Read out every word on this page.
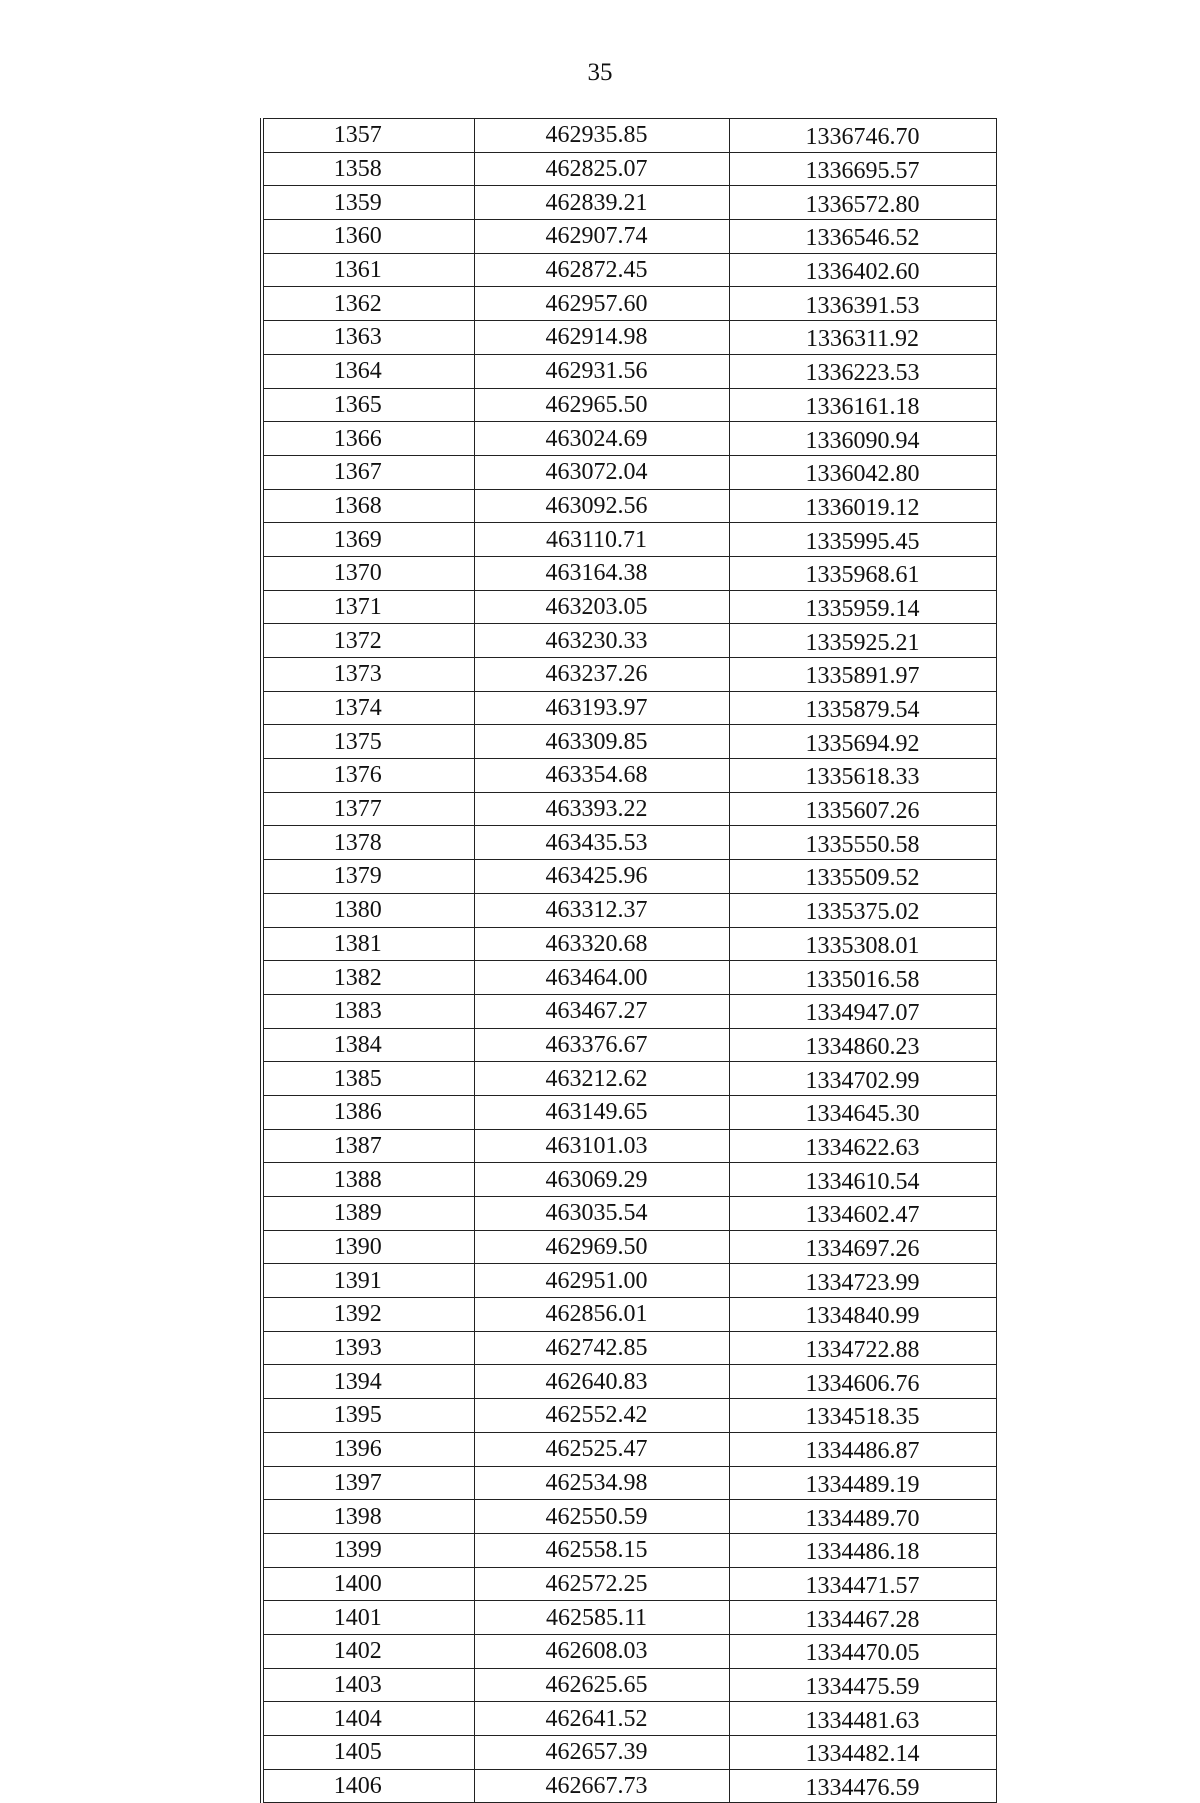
35
1357	462935.85	1336746.70
1358	462825.07	1336695.57
1359	462839.21	1336572.80
1360	462907.74	1336546.52
1361	462872.45	1336402.60
1362	462957.60	1336391.53
1363	462914.98	1336311.92
1364	462931.56	1336223.53
1365	462965.50	1336161.18
1366	463024.69	1336090.94
1367	463072.04	1336042.80
1368	463092.56	1336019.12
1369	463110.71	1335995.45
1370	463164.38	1335968.61
1371	463203.05	1335959.14
1372	463230.33	1335925.21
1373	463237.26	1335891.97
1374	463193.97	1335879.54
1375	463309.85	1335694.92
1376	463354.68	1335618.33
1377	463393.22	1335607.26
1378	463435.53	1335550.58
1379	463425.96	1335509.52
1380	463312.37	1335375.02
1381	463320.68	1335308.01
1382	463464.00	1335016.58
1383	463467.27	1334947.07
1384	463376.67	1334860.23
1385	463212.62	1334702.99
1386	463149.65	1334645.30
1387	463101.03	1334622.63
1388	463069.29	1334610.54
1389	463035.54	1334602.47
1390	462969.50	1334697.26
1391	462951.00	1334723.99
1392	462856.01	1334840.99
1393	462742.85	1334722.88
1394	462640.83	1334606.76
1395	462552.42	1334518.35
1396	462525.47	1334486.87
1397	462534.98	1334489.19
1398	462550.59	1334489.70
1399	462558.15	1334486.18
1400	462572.25	1334471.57
1401	462585.11	1334467.28
1402	462608.03	1334470.05
1403	462625.65	1334475.59
1404	462641.52	1334481.63
1405	462657.39	1334482.14
1406	462667.73	1334476.59
